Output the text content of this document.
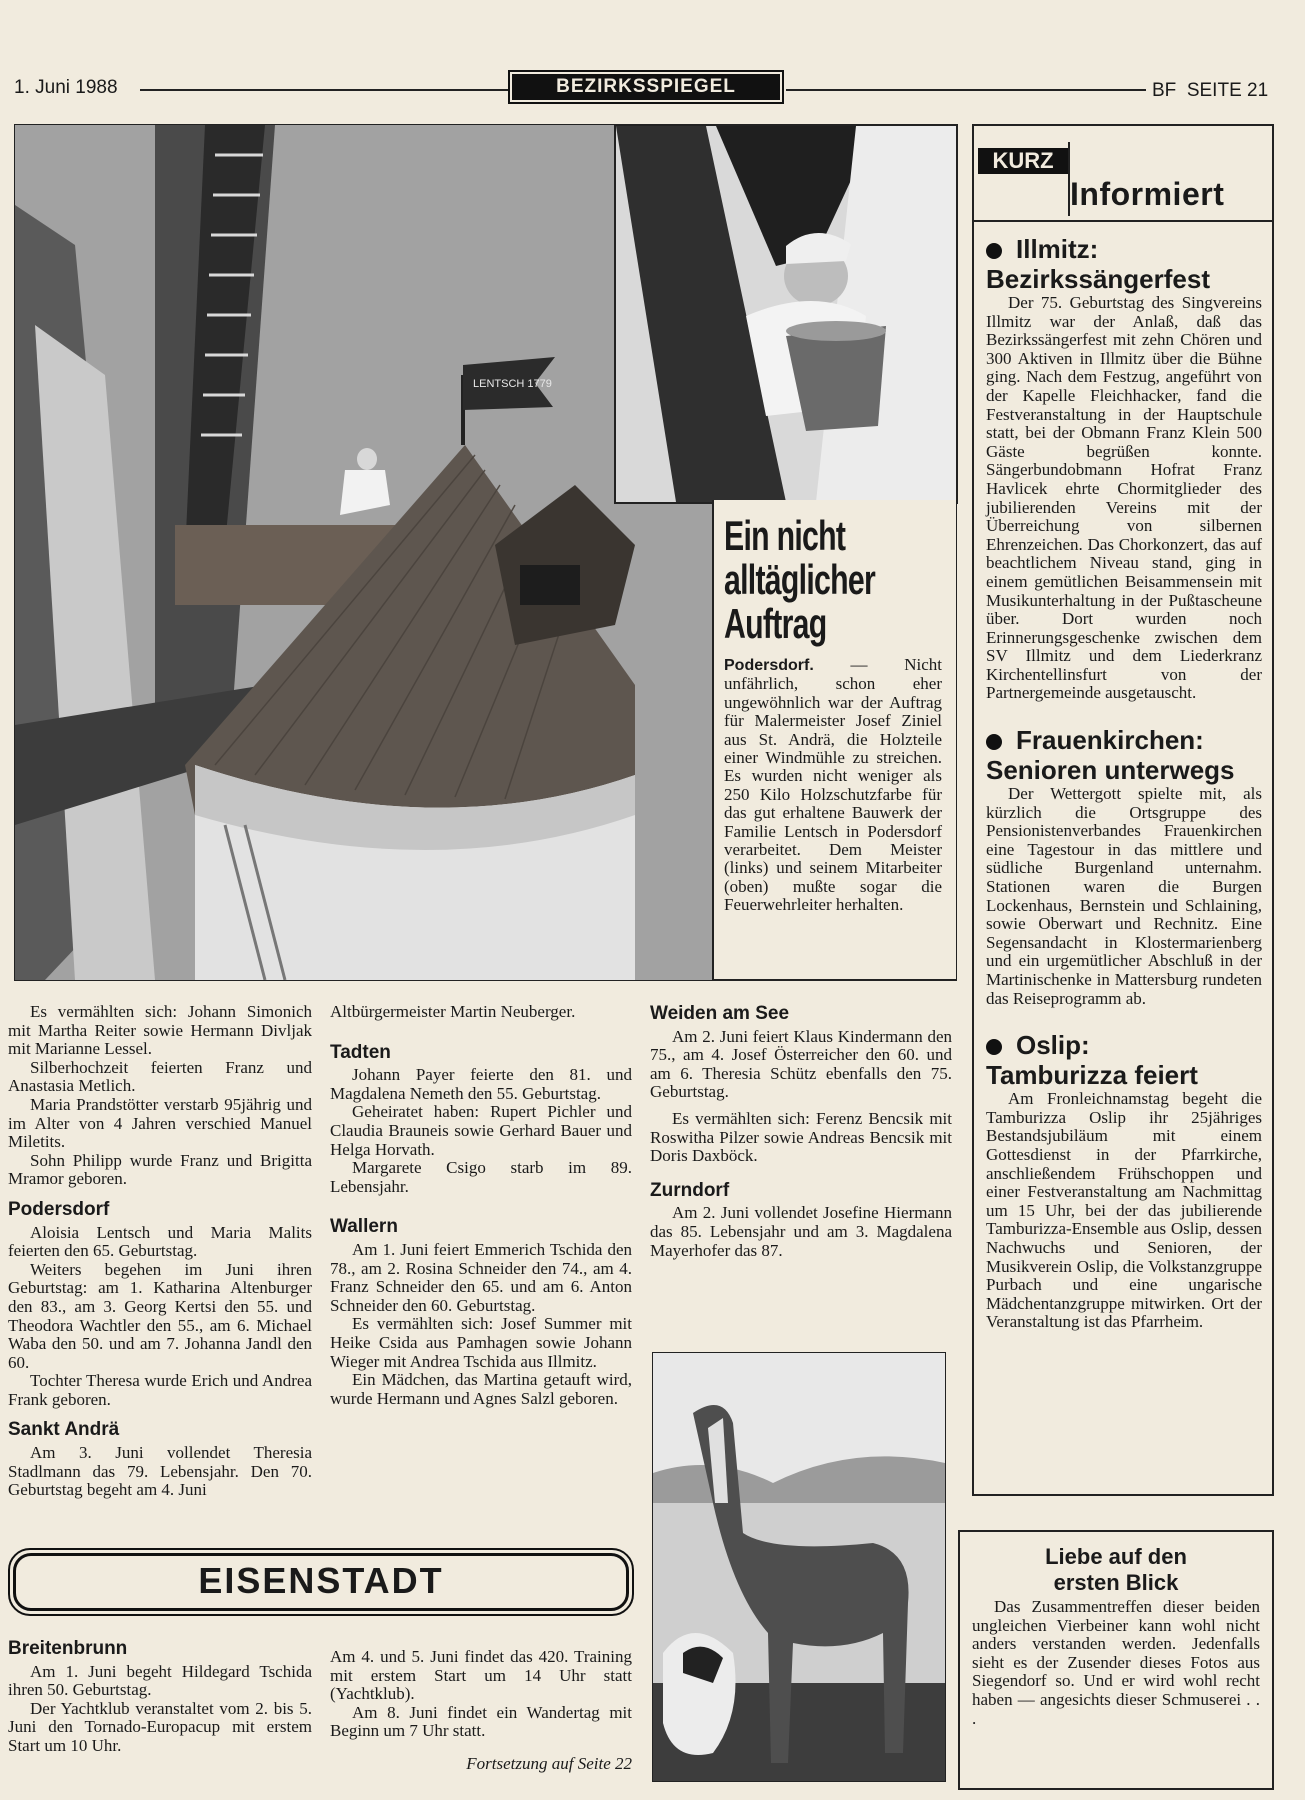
1. Juni 1988	BEZIRKSSPIEGEL	BF  SEITE 21
LENTSCH 1779
Ein nicht
alltäglicher
Auftrag
Podersdorf. — Nicht unfährlich, schon eher ungewöhnlich war der Auftrag für Malermeister Josef Ziniel aus St. Andrä, die Holzteile einer Windmühle zu streichen. Es wurden nicht weniger als 250 Kilo Holzschutzfarbe für das gut erhaltene Bauwerk der Familie Lentsch in Podersdorf verarbeitet. Dem Meister (links) und seinem Mitarbeiter (oben) mußte sogar die Feuerwehrleiter herhalten.
KURZ
Informiert

Illmitz:

Bezirkssängerfest

Der 75. Geburtstag des Singvereins Illmitz war der Anlaß, daß das Bezirkssängerfest mit zehn Chören und 300 Aktiven in Illmitz über die Bühne ging. Nach dem Festzug, angeführt von der Kapelle Fleichhacker, fand die Festveranstaltung in der Hauptschule statt, bei der Obmann Franz Klein 500 Gäste begrüßen konnte. Sängerbundobmann Hofrat Franz Havlicek ehrte Chormitglieder des jubilierenden Vereins mit der Überreichung von silbernen Ehrenzeichen. Das Chorkonzert, das auf beachtlichem Niveau stand, ging in einem gemütlichen Beisammensein mit Musikunterhaltung in der Pußtascheune über. Dort wurden noch Erinnerungsgeschenke zwischen dem SV Illmitz und dem Liederkranz Kirchentellinsfurt von der Partnergemeinde ausgetauscht.

Frauenkirchen:

Senioren unterwegs

Der Wettergott spielte mit, als kürzlich die Ortsgruppe des Pensionistenverbandes Frauenkirchen eine Tagestour in das mittlere und südliche Burgenland unternahm. Stationen waren die Burgen Lockenhaus, Bernstein und Schlaining, sowie Oberwart und Rechnitz. Eine Segensandacht in Klostermarienberg und ein urgemütlicher Abschluß in der Martinischenke in Mattersburg rundeten das Reiseprogramm ab.

Oslip:

Tamburizza feiert

Am Fronleichnamstag begeht die Tamburizza Oslip ihr 25jähriges Bestandsjubiläum mit einem Gottesdienst in der Pfarrkirche, anschließendem Frühschoppen und einer Festveranstaltung am Nachmittag um 15 Uhr, bei der das jubilierende Tamburizza-Ensemble aus Oslip, dessen Nachwuchs und Senioren, der Musikverein Oslip, die Volkstanzgruppe Purbach und eine ungarische Mädchentanzgruppe mitwirken. Ort der Veranstaltung ist das Pfarrheim.

Liebe auf den
ersten Blick

Das Zusammentreffen dieser beiden ungleichen Vierbeiner kann wohl nicht anders verstanden werden. Jedenfalls sieht es der Zusender dieses Fotos aus Siegendorf so. Und er wird wohl recht haben — angesichts dieser Schmuserei . . .

Es vermählten sich: Johann Simonich mit Martha Reiter sowie Hermann Divljak mit Marianne Lessel.

Silberhochzeit feierten Franz und Anastasia Metlich.

Maria Prandstötter verstarb 95jährig und im Alter von 4 Jahren verschied Manuel Miletits.

Sohn Philipp wurde Franz und Brigitta Mramor geboren.

Podersdorf

Aloisia Lentsch und Maria Malits feierten den 65. Geburtstag.

Weiters begehen im Juni ihren Geburtstag: am 1. Katharina Altenburger den 83., am 3. Georg Kertsi den 55. und Theodora Wachtler den 55., am 6. Michael Waba den 50. und am 7. Johanna Jandl den 60.

Tochter Theresa wurde Erich und Andrea Frank geboren.

Sankt Andrä

Am 3. Juni vollendet Theresia Stadlmann das 79. Lebensjahr. Den 70. Geburtstag begeht am 4. Juni

Altbürgermeister Martin Neuberger.

Tadten

Johann Payer feierte den 81. und Magdalena Nemeth den 55. Geburtstag.

Geheiratet haben: Rupert Pichler und Claudia Brauneis sowie Gerhard Bauer und Helga Horvath.

Margarete Csigo starb im 89. Lebensjahr.

Wallern

Am 1. Juni feiert Emmerich Tschida den 78., am 2. Rosina Schneider den 74., am 4. Franz Schneider den 65. und am 6. Anton Schneider den 60. Geburtstag.

Es vermählten sich: Josef Summer mit Heike Csida aus Pamhagen sowie Johann Wieger mit Andrea Tschida aus Illmitz.

Ein Mädchen, das Martina getauft wird, wurde Hermann und Agnes Salzl geboren.

Weiden am See

Am 2. Juni feiert Klaus Kindermann den 75., am 4. Josef Österreicher den 60. und am 6. Theresia Schütz ebenfalls den 75. Geburtstag.

Es vermählten sich: Ferenz Bencsik mit Roswitha Pilzer sowie Andreas Bencsik mit Doris Daxböck.

Zurndorf

Am 2. Juni vollendet Josefine Hiermann das 85. Lebensjahr und am 3. Magdalena Mayerhofer das 87.

EISENSTADT
Breitenbrunn

Am 1. Juni begeht Hildegard Tschida ihren 50. Geburtstag.

Der Yachtklub veranstaltet vom 2. bis 5. Juni den Tornado-Europacup mit erstem Start um 10 Uhr.

Am 4. und 5. Juni findet das 420. Training mit erstem Start um 14 Uhr statt (Yachtklub).

Am 8. Juni findet ein Wandertag mit Beginn um 7 Uhr statt.

Fortsetzung auf Seite 22
